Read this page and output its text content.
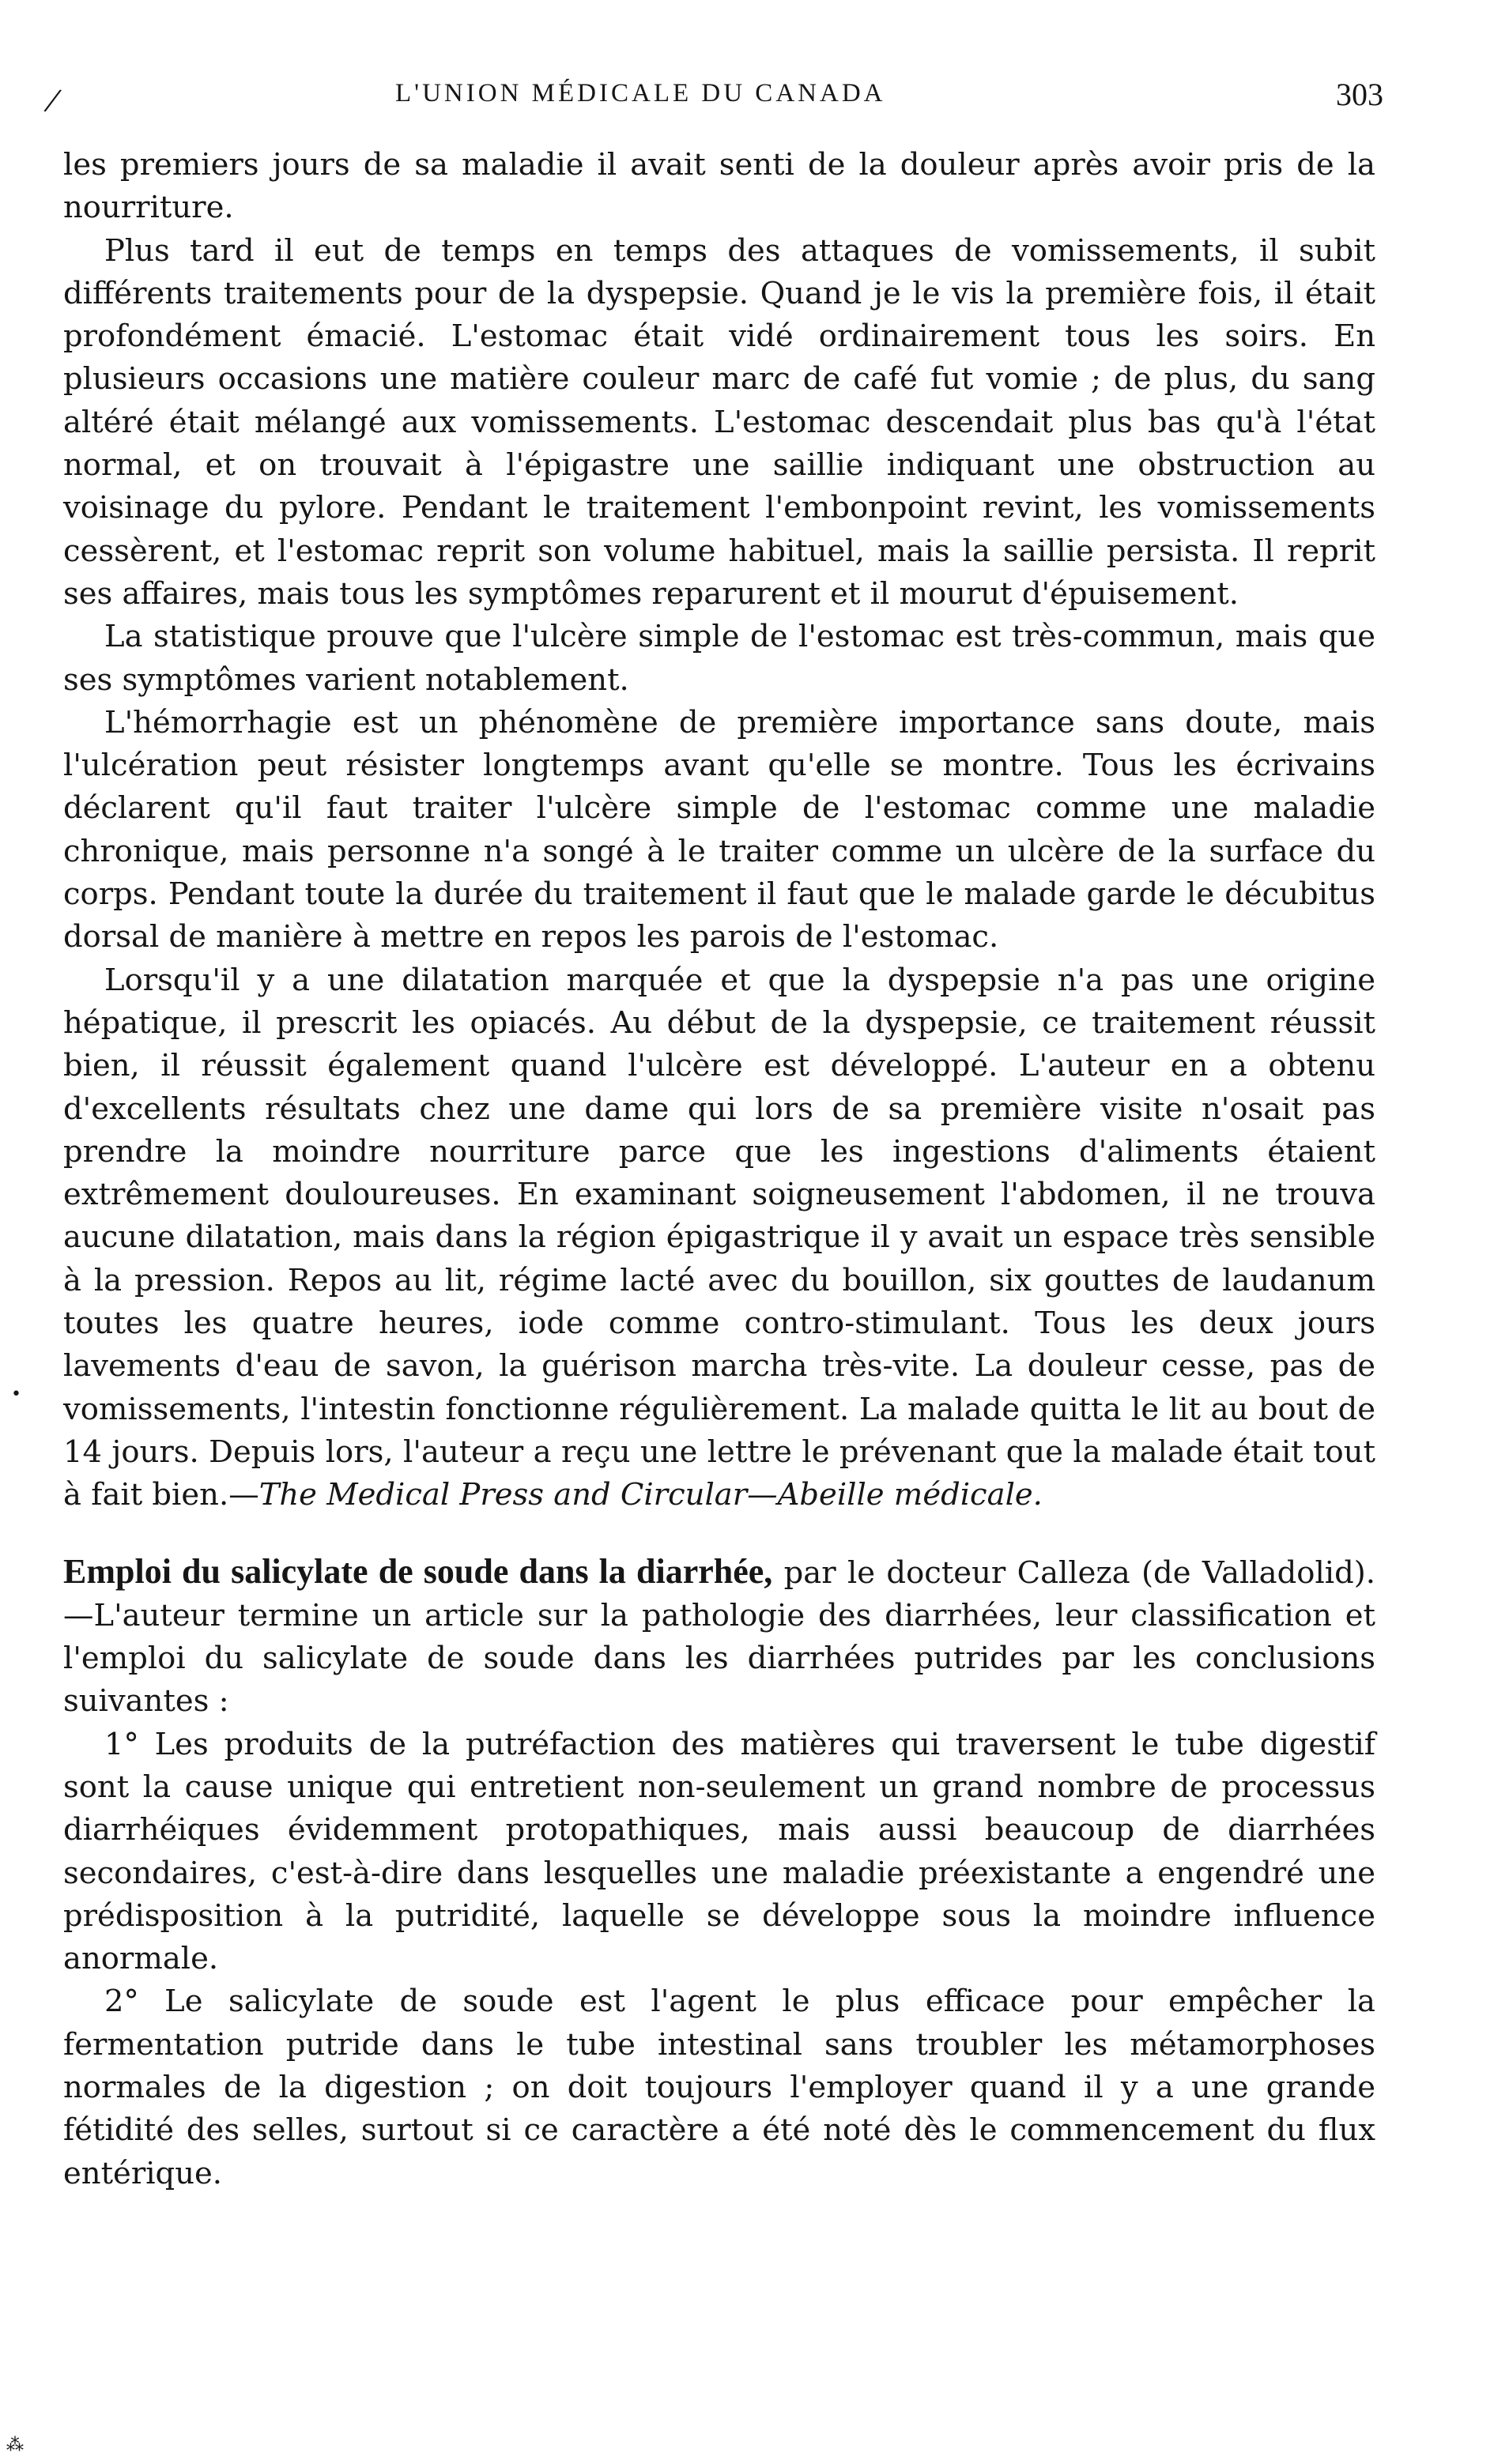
/	L'UNION MÉDICALE DU CANADA	303

les premiers jours de sa maladie il avait senti de la douleur après avoir pris de la nourriture.

Plus tard il eut de temps en temps des attaques de vomissements, il subit différents traitements pour de la dyspepsie. Quand je le vis la première fois, il était profondément émacié. L'estomac était vidé ordinairement tous les soirs. En plusieurs occasions une matière couleur marc de café fut vomie ; de plus, du sang altéré était mélangé aux vomissements. L'estomac descendait plus bas qu'à l'état normal, et on trouvait à l'épigastre une saillie indiquant une obstruction au voisinage du pylore. Pendant le traitement l'embonpoint revint, les vomissements cessèrent, et l'estomac reprit son volume habituel, mais la saillie persista. Il reprit ses affaires, mais tous les symptômes reparurent et il mourut d'épuisement.

La statistique prouve que l'ulcère simple de l'estomac est très-commun, mais que ses symptômes varient notablement.

L'hémorrhagie est un phénomène de première importance sans doute, mais l'ulcération peut résister longtemps avant qu'elle se montre. Tous les écrivains déclarent qu'il faut traiter l'ulcère simple de l'estomac comme une maladie chronique, mais personne n'a songé à le traiter comme un ulcère de la surface du corps. Pendant toute la durée du traitement il faut que le malade garde le décubitus dorsal de manière à mettre en repos les parois de l'estomac.

Lorsqu'il y a une dilatation marquée et que la dyspepsie n'a pas une origine hépatique, il prescrit les opiacés. Au début de la dyspepsie, ce traitement réussit bien, il réussit également quand l'ulcère est développé. L'auteur en a obtenu d'excellents résultats chez une dame qui lors de sa première visite n'osait pas prendre la moindre nourriture parce que les ingestions d'aliments étaient extrêmement douloureuses. En examinant soigneusement l'abdomen, il ne trouva aucune dilatation, mais dans la région épigastrique il y avait un espace très sensible à la pression. Repos au lit, régime lacté avec du bouillon, six gouttes de laudanum toutes les quatre heures, iode comme contro-stimulant. Tous les deux jours lavements d'eau de savon, la guérison marcha très-vite. La douleur cesse, pas de vomissements, l'intestin fonctionne régulièrement. La malade quitta le lit au bout de 14 jours. Depuis lors, l'auteur a reçu une lettre le prévenant que la malade était tout à fait bien.—The Medical Press and Circular—Abeille médicale.

Emploi du salicylate de soude dans la diarrhée, par le docteur Calleza (de Valladolid).—L'auteur termine un article sur la pathologie des diarrhées, leur classification et l'emploi du salicylate de soude dans les diarrhées putrides par les conclusions suivantes :

1° Les produits de la putréfaction des matières qui traversent le tube digestif sont la cause unique qui entretient non-seulement un grand nombre de processus diarrhéiques évidemment protopathiques, mais aussi beaucoup de diarrhées secondaires, c'est-à-dire dans lesquelles une maladie préexistante a engendré une prédisposition à la putridité, laquelle se développe sous la moindre influence anormale.

2° Le salicylate de soude est l'agent le plus efficace pour empêcher la fermentation putride dans le tube intestinal sans troubler les métamorphoses normales de la digestion ; on doit toujours l'employer quand il y a une grande fétidité des selles, surtout si ce caractère a été noté dès le commencement du flux entérique.

•
⁂
